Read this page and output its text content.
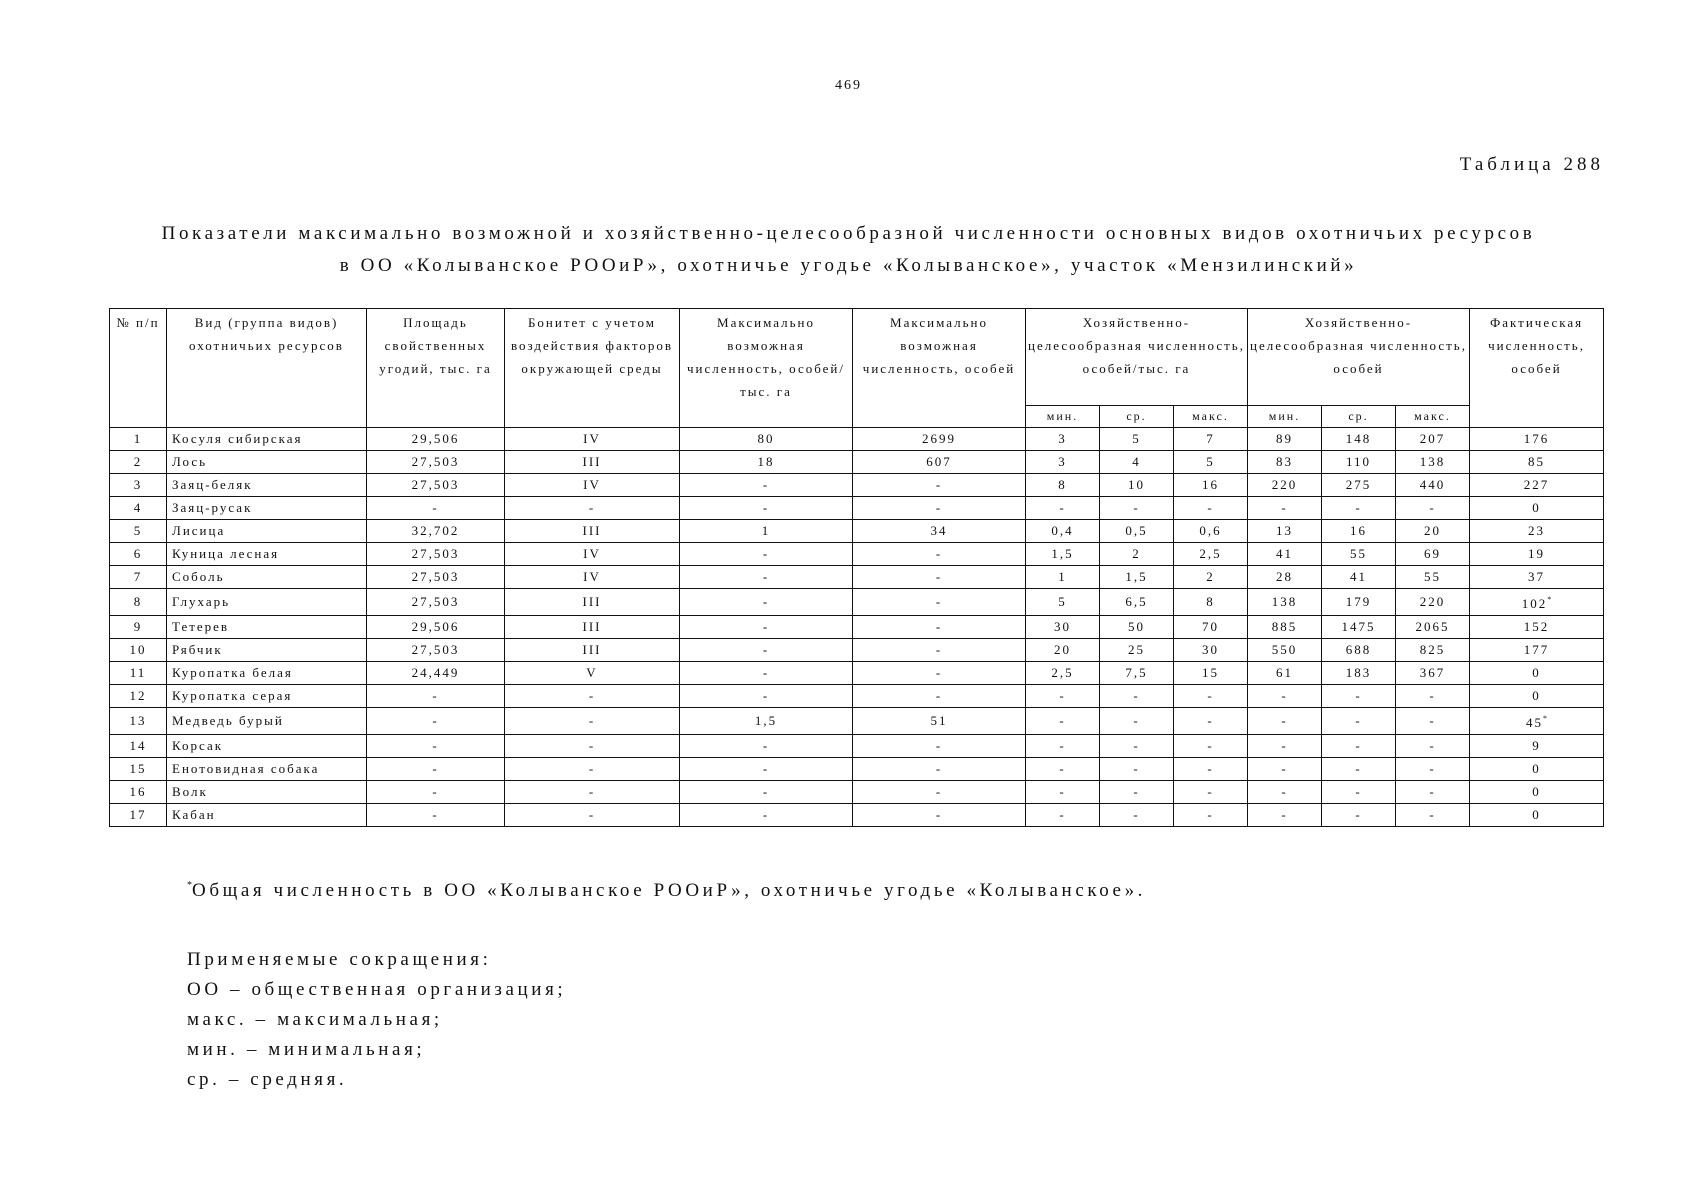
469
Таблица 288
Показатели максимально возможной и хозяйственно-целесообразной численности основных видов охотничьих ресурсов
в ОО «Колыванское РООиР», охотничье угодье «Колыванское», участок «Мензилинский»
№ п/п	Вид (группа видов) охотничьих ресурсов	Площадь свойственных угодий, тыс. га	Бонитет с учетом воздействия факторов окружающей среды	Максимально возможная численность, особей/тыс. га	Максимально возможная численность, особей	Хозяйственно-целесообразная численность, особей/тыс. га			Хозяйственно-целесообразная численность, особей			Фактическая численность, особей
						мин.	ср.	макс.	мин.	ср.	макс.	
1	Косуля сибирская	29,506	IV	80	2699	3	5	7	89	148	207	176
2	Лось	27,503	III	18	607	3	4	5	83	110	138	85
3	Заяц-беляк	27,503	IV	-	-	8	10	16	220	275	440	227
4	Заяц-русак	-	-	-	-	-	-	-	-	-	-	0
5	Лисица	32,702	III	1	34	0,4	0,5	0,6	13	16	20	23
6	Куница лесная	27,503	IV	-	-	1,5	2	2,5	41	55	69	19
7	Соболь	27,503	IV	-	-	1	1,5	2	28	41	55	37
8	Глухарь	27,503	III	-	-	5	6,5	8	138	179	220	102*
9	Тетерев	29,506	III	-	-	30	50	70	885	1475	2065	152
10	Рябчик	27,503	III	-	-	20	25	30	550	688	825	177
11	Куропатка белая	24,449	V	-	-	2,5	7,5	15	61	183	367	0
12	Куропатка серая	-	-	-	-	-	-	-	-	-	-	0
13	Медведь бурый	-	-	1,5	51	-	-	-	-	-	-	45*
14	Корсак	-	-	-	-	-	-	-	-	-	-	9
15	Енотовидная собака	-	-	-	-	-	-	-	-	-	-	0
16	Волк	-	-	-	-	-	-	-	-	-	-	0
17	Кабан	-	-	-	-	-	-	-	-	-	-	0
*Общая численность в ОО «Колыванское РООиР», охотничье угодье «Колыванское».
Применяемые сокращения:
ОО – общественная организация;
макс. – максимальная;
мин. – минимальная;
ср. – средняя.
